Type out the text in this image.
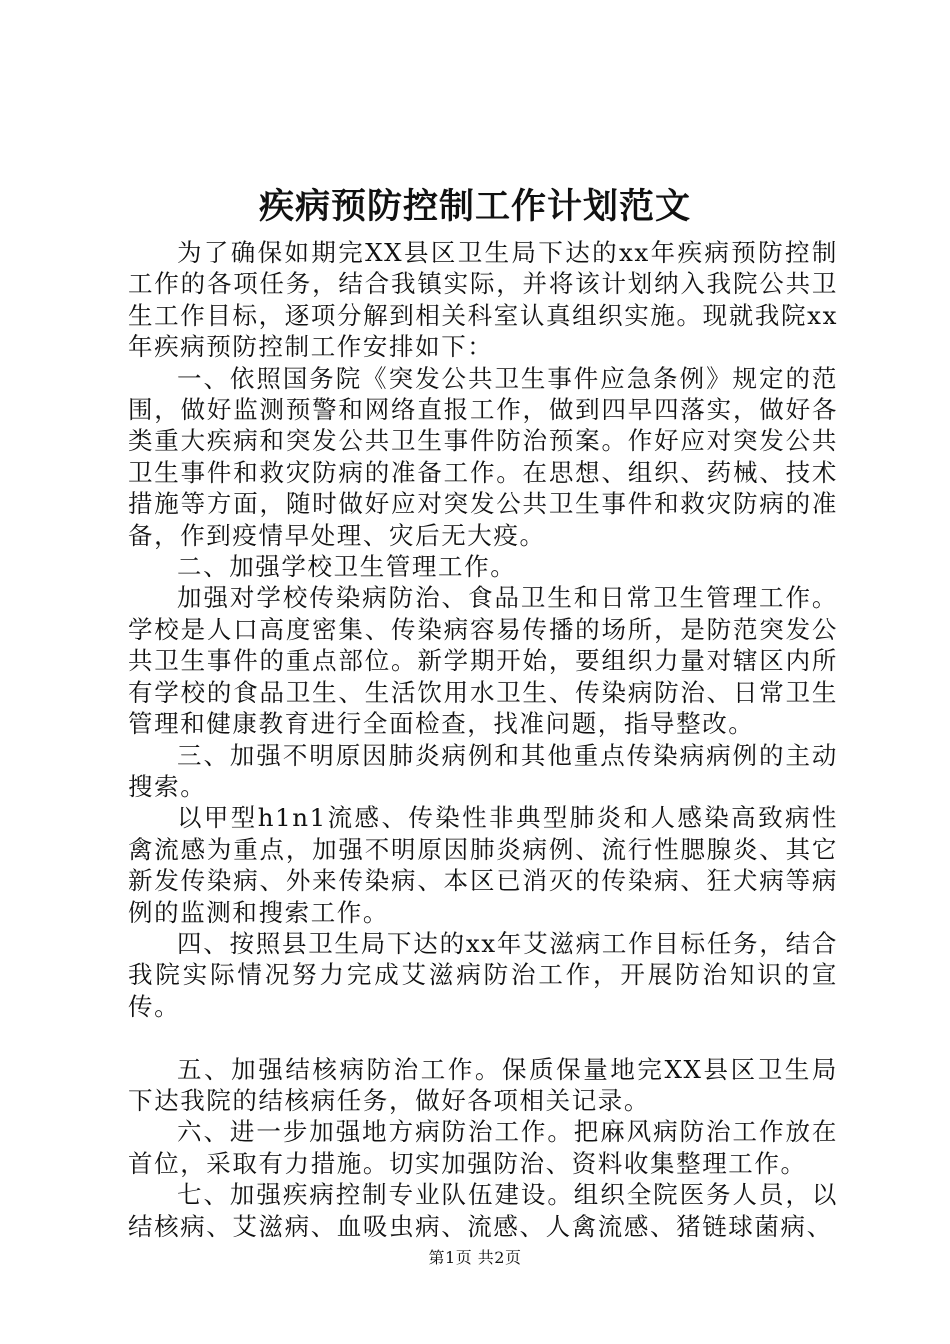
疾病预防控制工作计划范文

为了确保如期完XX县区卫生局下达的xx年疾病预防控制工作的各项任务，结合我镇实际，并将该计划纳入我院公共卫生工作目标，逐项分解到相关科室认真组织实施。现就我院xx年疾病预防控制工作安排如下：

一、依照国务院《突发公共卫生事件应急条例》规定的范围，做好监测预警和网络直报工作，做到四早四落实，做好各类重大疾病和突发公共卫生事件防治预案。作好应对突发公共卫生事件和救灾防病的准备工作。在思想、组织、药械、技术措施等方面，随时做好应对突发公共卫生事件和救灾防病的准备，作到疫情早处理、灾后无大疫。

二、加强学校卫生管理工作。

加强对学校传染病防治、食品卫生和日常卫生管理工作。学校是人口高度密集、传染病容易传播的场所，是防范突发公共卫生事件的重点部位。新学期开始，要组织力量对辖区内所有学校的食品卫生、生活饮用水卫生、传染病防治、日常卫生管理和健康教育进行全面检查，找准问题，指导整改。

三、加强不明原因肺炎病例和其他重点传染病病例的主动搜索。

以甲型h1n1流感、传染性非典型肺炎和人感染高致病性禽流感为重点，加强不明原因肺炎病例、流行性腮腺炎、其它新发传染病、外来传染病、本区已消灭的传染病、狂犬病等病例的监测和搜索工作。

四、按照县卫生局下达的xx年艾滋病工作目标任务，结合我院实际情况努力完成艾滋病防治工作，开展防治知识的宣传。

五、加强结核病防治工作。保质保量地完XX县区卫生局下达我院的结核病任务，做好各项相关记录。

六、进一步加强地方病防治工作。把麻风病防治工作放在首位，采取有力措施。切实加强防治、资料收集整理工作。

七、加强疾病控制专业队伍建设。组织全院医务人员，以结核病、艾滋病、血吸虫病、流感、人禽流感、猪链球菌病、

第1页 共2页
